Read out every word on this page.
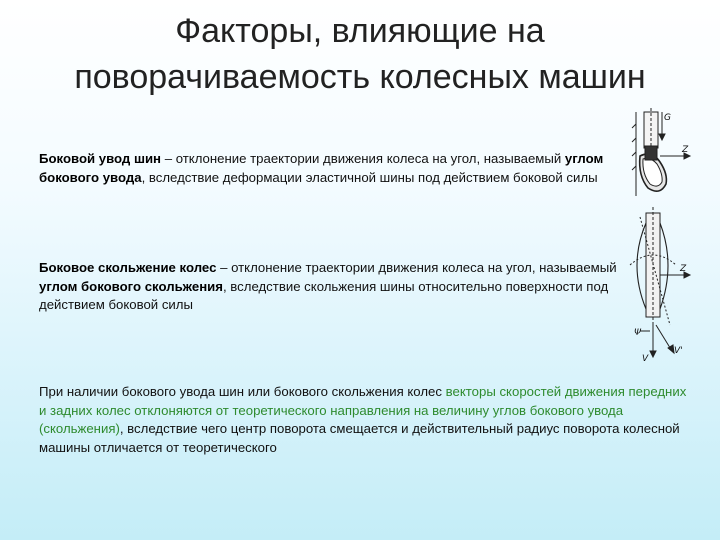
Факторы, влияющие на
поворачиваемость колесных машин
Боковой увод шин – отклонение траектории движения колеса на угол, называемый углом бокового увода, вследствие деформации эластичной шины под действием боковой силы
Боковое скольжение колес – отклонение траектории движения колеса на угол, называемый углом бокового скольжения, вследствие скольжения шины относительно поверхности под действием боковой силы
При наличии бокового увода шин или бокового скольжения колес векторы скоростей движения передних и задних колес отклоняются от теоретического направления на величину углов бокового увода (скольжения), вследствие чего центр поворота смещается и действительный радиус поворота колесной машины отличается от теоретического
G
Z
Z
V
V'
Ψ
